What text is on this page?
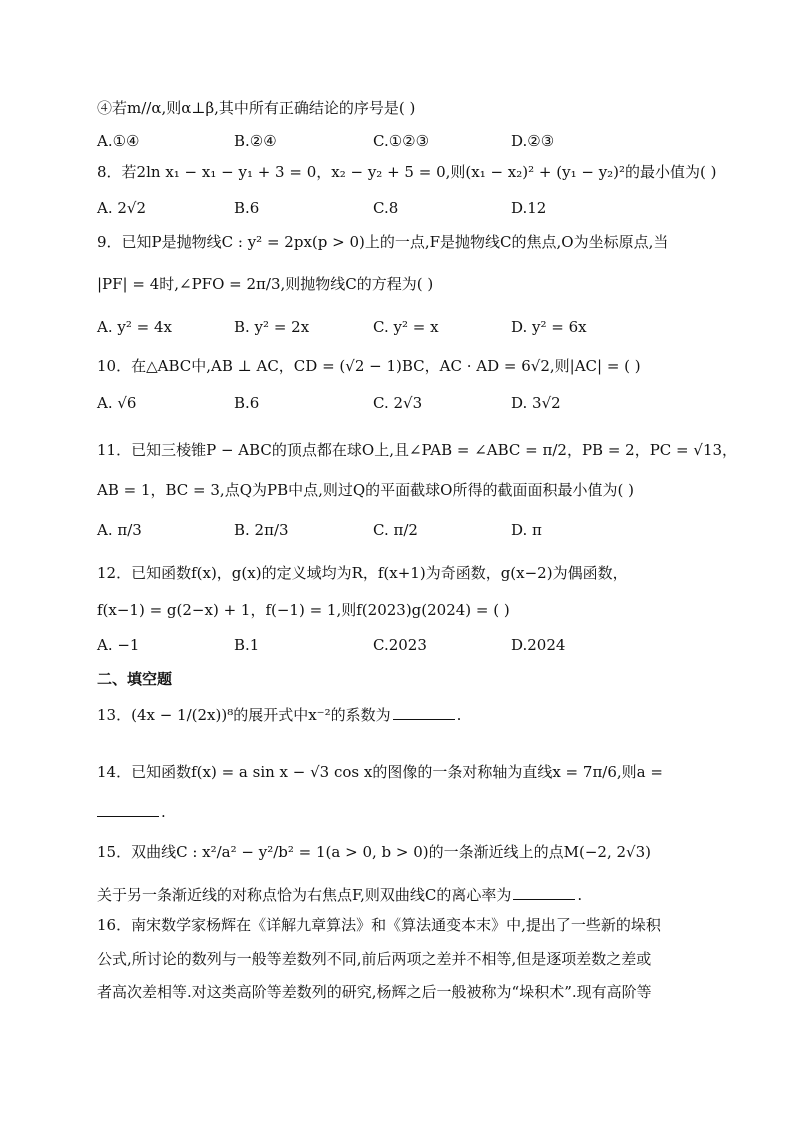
④若m//α,则α⊥β,其中所有正确结论的序号是( )
A.①④	B.②④	C.①②③	D.②③
8．若2ln x₁ − x₁ − y₁ + 3 = 0，x₂ − y₂ + 5 = 0,则(x₁ − x₂)² + (y₁ − y₂)²的最小值为( )
A. 2√2	B.6	C.8	D.12
9．已知P是抛物线C : y² = 2px(p > 0)上的一点,F是抛物线C的焦点,O为坐标原点,当
|PF| = 4时,∠PFO = 2π/3,则抛物线C的方程为( )
A. y² = 4x	B. y² = 2x	C. y² = x	D. y² = 6x
10．在△ABC中,AB ⊥ AC，CD = (√2 − 1)BC，AC · AD = 6√2,则|AC| = ( )
A. √6	B.6	C. 2√3	D. 3√2
11．已知三棱锥P − ABC的顶点都在球O上,且∠PAB = ∠ABC = π/2，PB = 2，PC = √13，
AB = 1，BC = 3,点Q为PB中点,则过Q的平面截球O所得的截面面积最小值为( )
A. π/3	B. 2π/3	C. π/2	D. π
12．已知函数f(x)，g(x)的定义域均为R，f(x+1)为奇函数，g(x−2)为偶函数，
f(x−1) = g(2−x) + 1，f(−1) = 1,则f(2023)g(2024) = ( )
A. −1	B.1	C.2023	D.2024
二、填空题
13．(4x − 1/(2x))⁸的展开式中x⁻²的系数为	.
14．已知函数f(x) = a sin x − √3 cos x的图像的一条对称轴为直线x = 7π/6,则a =
.
15．双曲线C : x²/a² − y²/b² = 1(a > 0, b > 0)的一条渐近线上的点M(−2, 2√3)
关于另一条渐近线的对称点恰为右焦点F,则双曲线C的离心率为	.
16．南宋数学家杨辉在《详解九章算法》和《算法通变本末》中,提出了一些新的垛积
公式,所讨论的数列与一般等差数列不同,前后两项之差并不相等,但是逐项差数之差或
者高次差相等.对这类高阶等差数列的研究,杨辉之后一般被称为“垛积术”.现有高阶等
